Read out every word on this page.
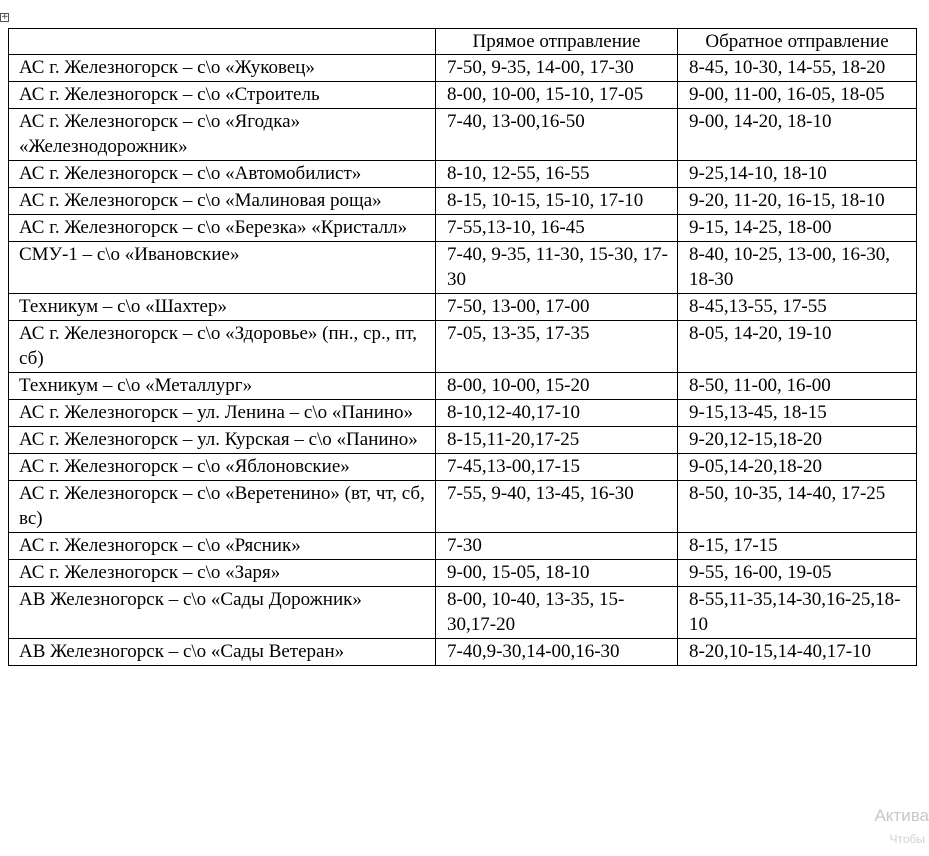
+
	Прямое отправление	Обратное отправление
АС г. Железногорск – с\о «Жуковец»	7-50, 9-35, 14-00, 17-30	8-45, 10-30, 14-55, 18-20
АС г. Железногорск – с\о «Строитель	8-00, 10-00, 15-10, 17-05	9-00, 11-00, 16-05, 18-05
АС г. Железногорск – с\о «Ягодка» «Железнодорожник»	7-40, 13-00,16-50	9-00, 14-20, 18-10
АС г. Железногорск – с\о «Автомобилист»	8-10, 12-55, 16-55	9-25,14-10, 18-10
АС г. Железногорск – с\о «Малиновая роща»	8-15, 10-15, 15-10, 17-10	9-20, 11-20, 16-15, 18-10
АС г. Железногорск – с\о «Березка» «Кристалл»	7-55,13-10, 16-45	9-15, 14-25, 18-00
СМУ-1 – с\о «Ивановские»	7-40, 9-35, 11-30, 15-30, 17-30	8-40, 10-25, 13-00, 16-30, 18-30
Техникум – с\о «Шахтер»	7-50, 13-00, 17-00	8-45,13-55, 17-55
АС г. Железногорск – с\о «Здоровье» (пн., ср., пт, сб)	7-05, 13-35, 17-35	8-05, 14-20, 19-10
Техникум – с\о «Металлург»	8-00, 10-00, 15-20	8-50, 11-00, 16-00
АС г. Железногорск – ул. Ленина – с\о «Панино»	8-10,12-40,17-10	9-15,13-45, 18-15
АС г. Железногорск – ул. Курская – с\о «Панино»	8-15,11-20,17-25	9-20,12-15,18-20
АС г. Железногорск – с\о «Яблоновские»	7-45,13-00,17-15	9-05,14-20,18-20
АС г. Железногорск – с\о «Веретенино» (вт, чт, сб, вс)	7-55, 9-40, 13-45, 16-30	8-50, 10-35, 14-40, 17-25
АС г. Железногорск – с\о «Рясник»	7-30	8-15, 17-15
АС г. Железногорск – с\о «Заря»	9-00, 15-05, 18-10	9-55, 16-00, 19-05
АВ Железногорск – с\о «Сады Дорожник»	8-00, 10-40, 13-35, 15-30,17-20	8-55,11-35,14-30,16-25,18-10
АВ Железногорск – с\о «Сады Ветеран»	7-40,9-30,14-00,16-30	8-20,10-15,14-40,17-10
Актива
Чтобы
